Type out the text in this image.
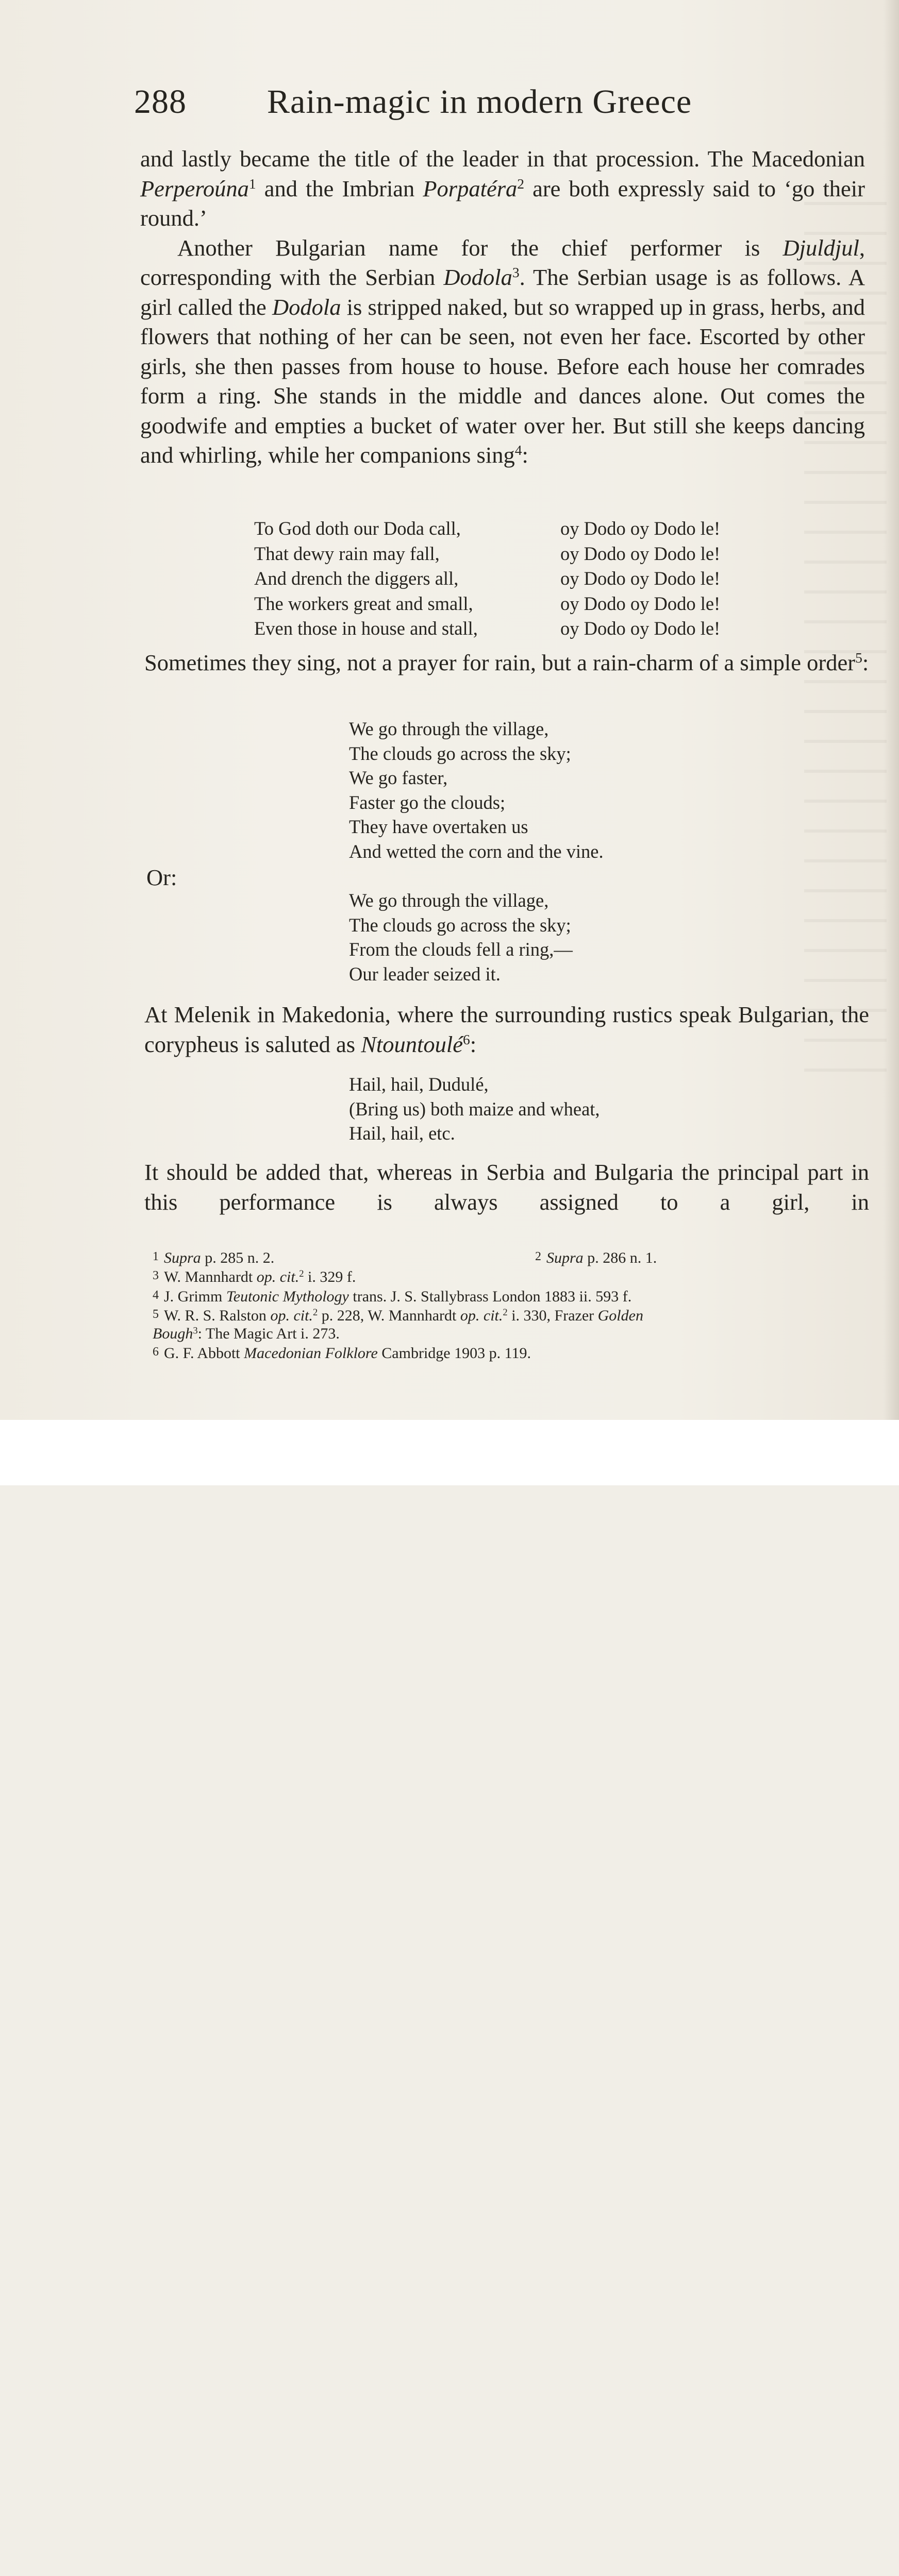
288 Rain-magic in modern Greece

and lastly became the title of the leader in that procession. The Macedonian Perperoúna$^1$ and the Imbrian Porpatéra$^2$ are both expressly said to ‘go their round.’

Another Bulgarian name for the chief performer is Djuldjul, corresponding with the Serbian Dodola$^3$. The Serbian usage is as follows. A girl called the Dodola is stripped naked, but so wrapped up in grass, herbs, and flowers that nothing of her can be seen, not even her face. Escorted by other girls, she then passes from house to house. Before each house her comrades form a ring. She stands in the middle and dances alone. Out comes the goodwife and empties a bucket of water over her. But still she keeps dancing and whirling, while her companions sing$^4$:

To God doth our Doda call,	oy Dodo oy Dodo le!
That dewy rain may fall,	oy Dodo oy Dodo le!
And drench the diggers all,	oy Dodo oy Dodo le!
The workers great and small,	oy Dodo oy Dodo le!
Even those in house and stall,	oy Dodo oy Dodo le!

Sometimes they sing, not a prayer for rain, but a rain-charm of a simple order$^5$:

We go through the village,
The clouds go across the sky;
We go faster,
Faster go the clouds;
They have overtaken us
And wetted the corn and the vine.
Or:
We go through the village,
The clouds go across the sky;
From the clouds fell a ring,—
Our leader seized it.

At Melenik in Makedonia, where the surrounding rustics speak Bulgarian, the corypheus is saluted as Ntountoulé$^6$:

Hail, hail, Dudulé,
(Bring us) both maize and wheat,
Hail, hail, etc.

It should be added that, whereas in Serbia and Bulgaria the principal part in this performance is always assigned to a girl, in

1 Supra p. 285 n. 2.	2 Supra p. 286 n. 1.

3 W. Mannhardt op. cit.$^2$ i. 329 f.

4 J. Grimm Teutonic Mythology trans. J. S. Stallybrass London 1883 ii. 593 f.

5 W. R. S. Ralston op. cit.$^2$ p. 228, W. Mannhardt op. cit.$^2$ i. 330, Frazer Golden

Bough$^3$: The Magic Art i. 273.

6 G. F. Abbott Macedonian Folklore Cambridge 1903 p. 119.
